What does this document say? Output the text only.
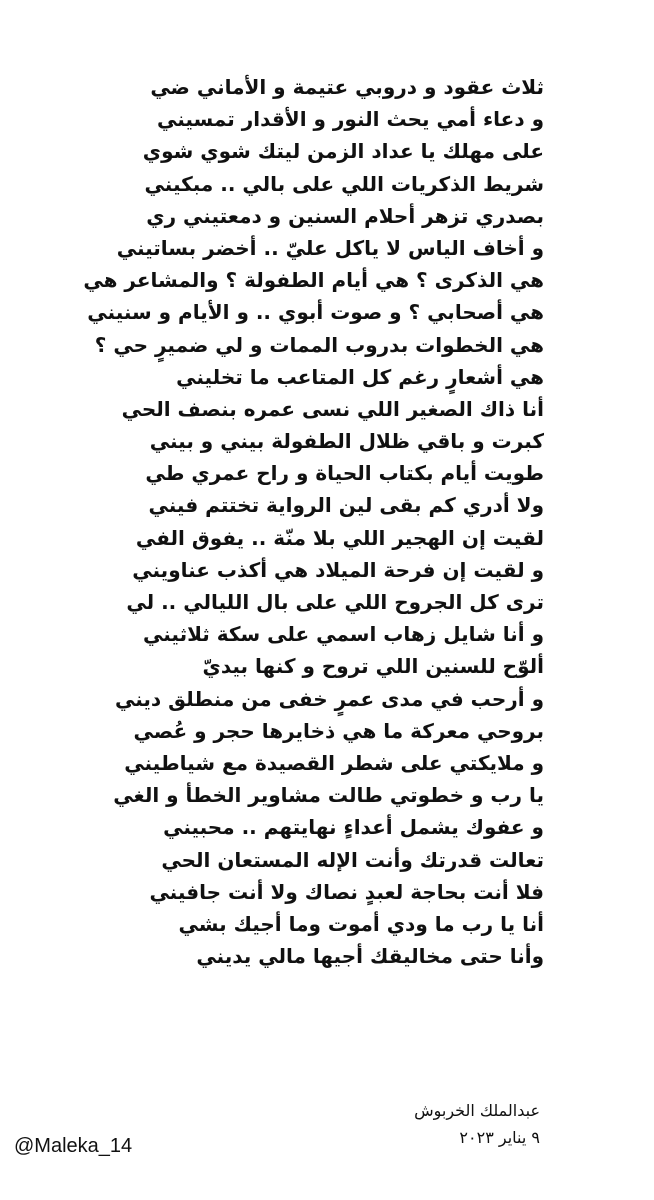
ثلاث عقود و دروبي عتيمة و الأماني ضي
و دعاء أمي يحث النور و الأقدار تمسيني
على مهلك يا عداد الزمن ليتك شوي شوي
شريط الذكريات اللي على بالي .. مبكيني
بصدري تزهر أحلام السنين و دمعتيني ري
و أخاف الياس لا ياكل عليّ .. أخضر بساتيني
هي الذكرى ؟ هي أيام الطفولة ؟ والمشاعر هي
هي أصحابي ؟ و صوت أبوي .. و الأيام و سنيني
هي الخطوات بدروب الممات و لي ضميرٍ حي ؟
هي أشعارٍ رغم كل المتاعب ما تخليني
أنا ذاك الصغير اللي نسى عمره بنصف الحي
كبرت و باقي ظلال الطفولة بيني و بيني
طويت أيام بكتاب الحياة و راح عمري طي
ولا أدري كم بقى لين الرواية تختتم فيني
لقيت إن الهجير اللي بلا منّة .. يفوق الفي
و لقيت إن فرحة الميلاد هي أكذب عناويني
ترى كل الجروح اللي على بال الليالي .. لي
و أنا شايل زهاب اسمي على سكة ثلاثيني
ألوّح للسنين اللي تروح و كنها بيديّ
و أرحب في مدى عمرٍ خفى من منطلق ديني
بروحي معركة ما هي ذخايرها حجر و عُصي
و ملايكتي على شطر القصيدة مع شياطيني
يا رب و خطوتي طالت مشاوير الخطأ و الغي
و عفوك يشمل أعداءٍ نهايتهم .. محبيني
تعالت قدرتك وأنت الإله المستعان الحي
فلا أنت بحاجة لعبدٍ نصاك ولا أنت جافيني
أنا يا رب ما ودي أموت وما أجيك بشي
وأنا حتى مخاليقك أجيها مالي يديني
عبدالملك الخربوش
٩ يناير ٢٠٢٣
@Maleka_14
